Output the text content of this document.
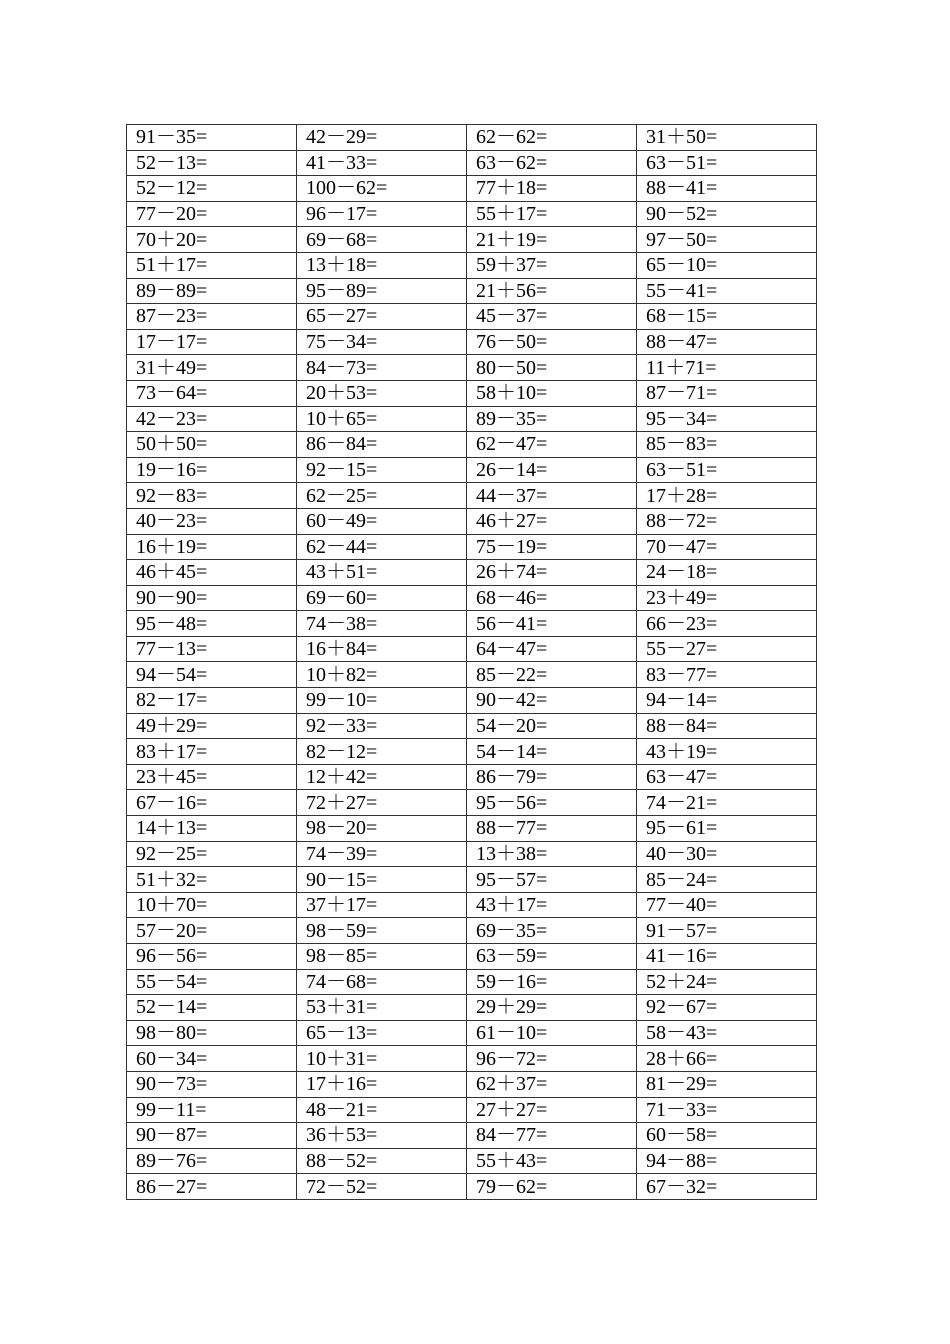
91－35=	42－29=	62－62=	31＋50=
52－13=	41－33=	63－62=	63－51=
52－12=	100－62=	77＋18=	88－41=
77－20=	96－17=	55＋17=	90－52=
70＋20=	69－68=	21＋19=	97－50=
51＋17=	13＋18=	59＋37=	65－10=
89－89=	95－89=	21＋56=	55－41=
87－23=	65－27=	45－37=	68－15=
17－17=	75－34=	76－50=	88－47=
31＋49=	84－73=	80－50=	11＋71=
73－64=	20＋53=	58＋10=	87－71=
42－23=	10＋65=	89－35=	95－34=
50＋50=	86－84=	62－47=	85－83=
19－16=	92－15=	26－14=	63－51=
92－83=	62－25=	44－37=	17＋28=
40－23=	60－49=	46＋27=	88－72=
16＋19=	62－44=	75－19=	70－47=
46＋45=	43＋51=	26＋74=	24－18=
90－90=	69－60=	68－46=	23＋49=
95－48=	74－38=	56－41=	66－23=
77－13=	16＋84=	64－47=	55－27=
94－54=	10＋82=	85－22=	83－77=
82－17=	99－10=	90－42=	94－14=
49＋29=	92－33=	54－20=	88－84=
83＋17=	82－12=	54－14=	43＋19=
23＋45=	12＋42=	86－79=	63－47=
67－16=	72＋27=	95－56=	74－21=
14＋13=	98－20=	88－77=	95－61=
92－25=	74－39=	13＋38=	40－30=
51＋32=	90－15=	95－57=	85－24=
10＋70=	37＋17=	43＋17=	77－40=
57－20=	98－59=	69－35=	91－57=
96－56=	98－85=	63－59=	41－16=
55－54=	74－68=	59－16=	52＋24=
52－14=	53＋31=	29＋29=	92－67=
98－80=	65－13=	61－10=	58－43=
60－34=	10＋31=	96－72=	28＋66=
90－73=	17＋16=	62＋37=	81－29=
99－11=	48－21=	27＋27=	71－33=
90－87=	36＋53=	84－77=	60－58=
89－76=	88－52=	55＋43=	94－88=
86－27=	72－52=	79－62=	67－32=
